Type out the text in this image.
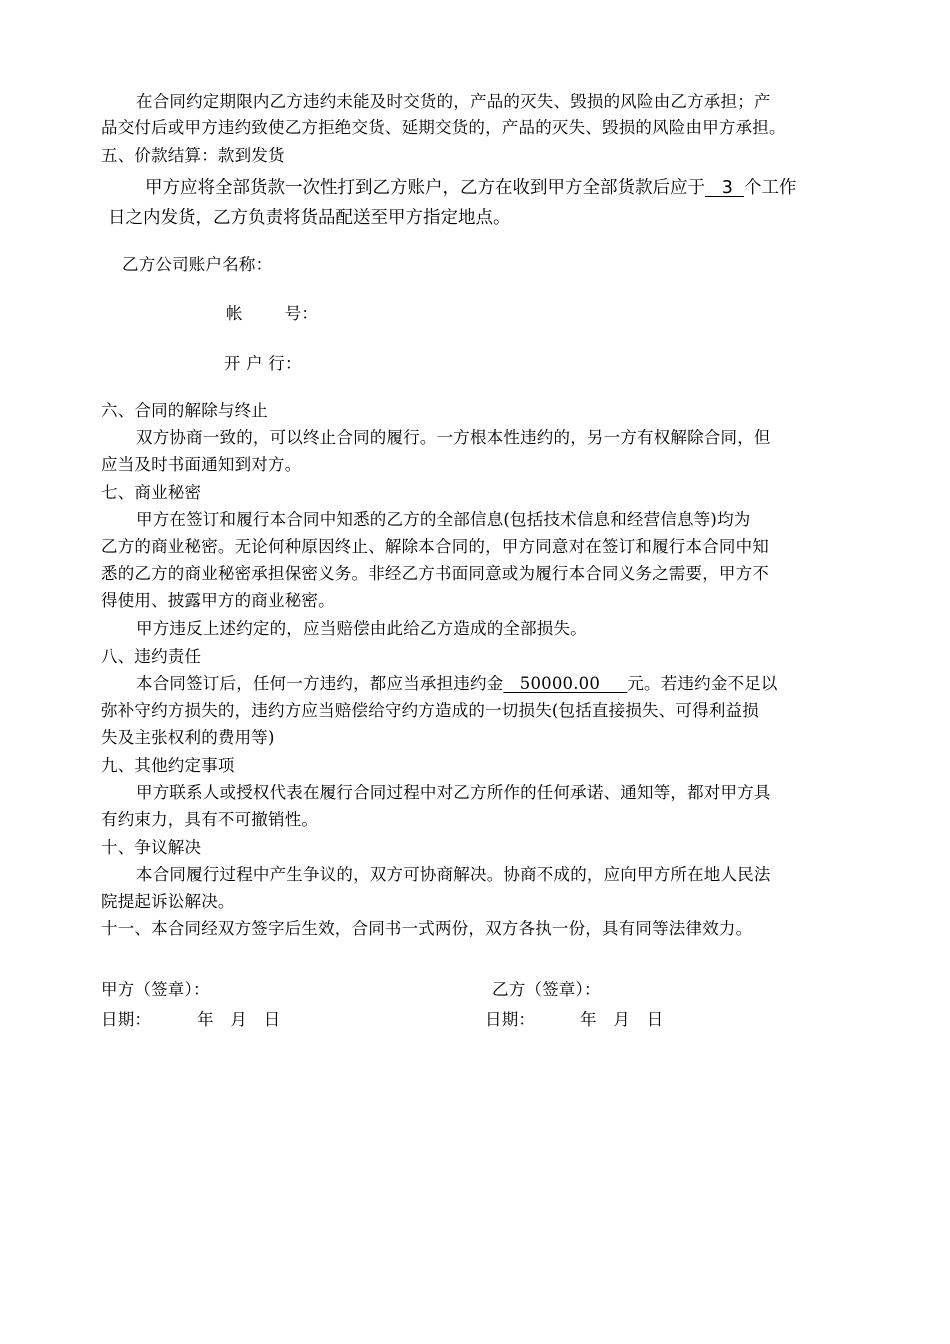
在合同约定期限内乙方违约未能及时交货的，产品的灭失、毁损的风险由乙方承担；产
品交付后或甲方违约致使乙方拒绝交货、延期交货的，产品的灭失、毁损的风险由甲方承担。
五、价款结算：款到发货
甲方应将全部货款一次性打到乙方账户，乙方在收到甲方全部货款后应于 3 个工作
日之内发货，乙方负责将货品配送至甲方指定地点。
乙方公司账户名称：
帐	号：
开 户 行：
六、合同的解除与终止
双方协商一致的，可以终止合同的履行。一方根本性违约的，另一方有权解除合同，但
应当及时书面通知到对方。
七、商业秘密
甲方在签订和履行本合同中知悉的乙方的全部信息(包括技术信息和经营信息等)均为
乙方的商业秘密。无论何种原因终止、解除本合同的，甲方同意对在签订和履行本合同中知
悉的乙方的商业秘密承担保密义务。非经乙方书面同意或为履行本合同义务之需要，甲方不
得使用、披露甲方的商业秘密。
甲方违反上述约定的，应当赔偿由此给乙方造成的全部损失。
八、违约责任
本合同签订后，任何一方违约，都应当承担违约金 50000.00 元。若违约金不足以
弥补守约方损失的，违约方应当赔偿给守约方造成的一切损失(包括直接损失、可得利益损
失及主张权利的费用等)
九、其他约定事项
甲方联系人或授权代表在履行合同过程中对乙方所作的任何承诺、通知等，都对甲方具
有约束力，具有不可撤销性。
十、争议解决
本合同履行过程中产生争议的，双方可协商解决。协商不成的，应向甲方所在地人民法
院提起诉讼解决。
十一、本合同经双方签字后生效，合同书一式两份，双方各执一份，具有同等法律效力。
甲方（签章）：	乙方（签章）：
日期：	年　月　日	日期：	年　月　日
